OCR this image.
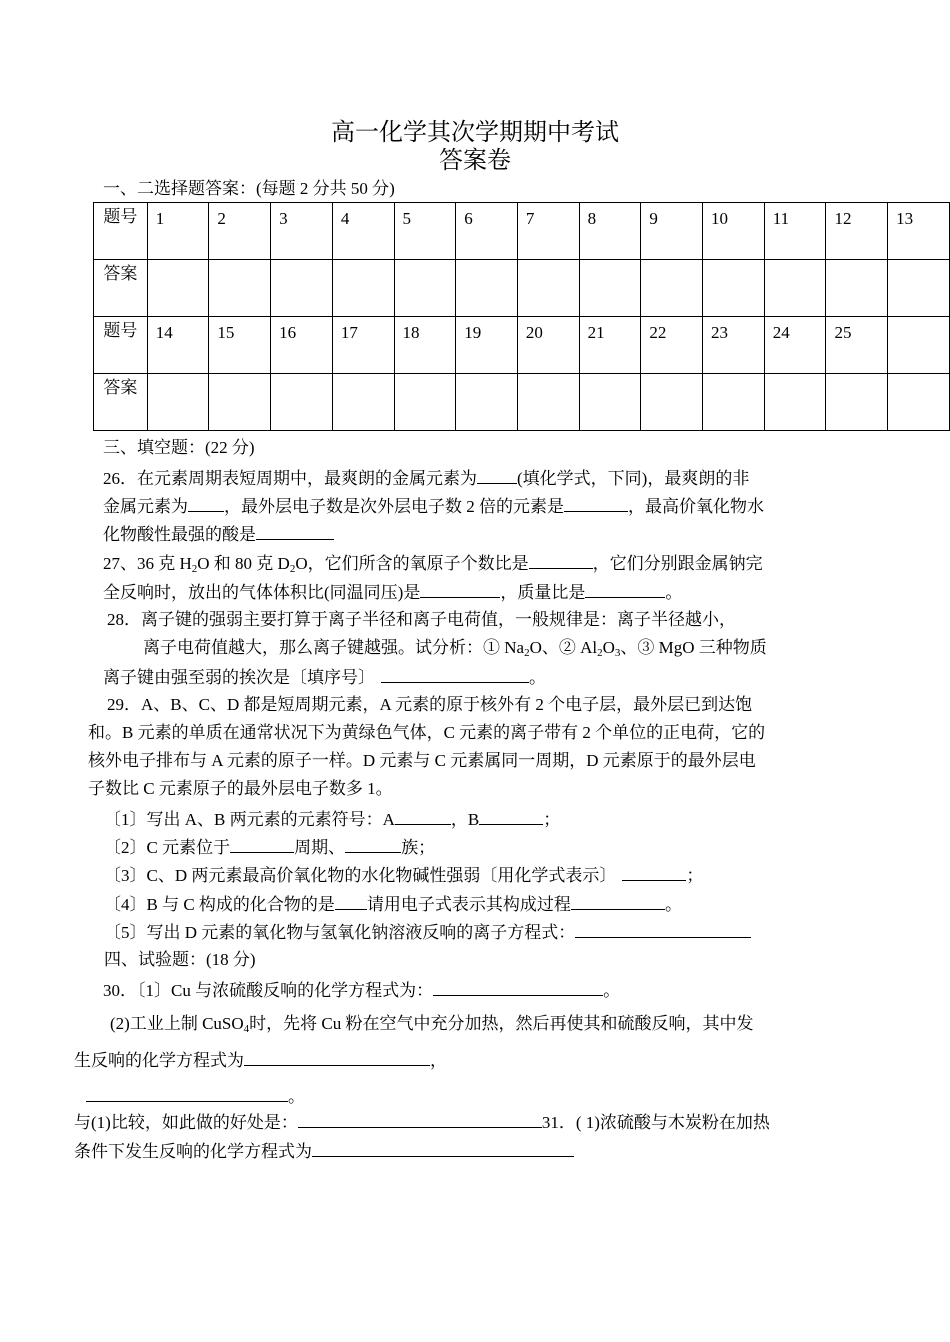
高一化学其次学期期中考试
答案卷
一、二选择题答案：(每题 2 分共 50 分)
题号	1	2	3	4	5	6	7	8	9	10	11	12	13
答案													
题号	14	15	16	17	18	19	20	21	22	23	24	25	
答案													
三、填空题：(22 分)
26．在元素周期表短周期中，最爽朗的金属元素为 (填化学式，下同)，最爽朗的非
金属元素为 ，最外层电子数是次外层电子数 2 倍的元素是	，最高价氧化物水
化物酸性最强的酸是
27、36 克 $H_2O$ 和 80 克 $D_2O$，它们所含的氧原子个数比是	，它们分别跟金属钠完
全反响时，放出的气体体积比(同温同压)是	，质量比是	。
28．离子键的强弱主要打算于离子半径和离子电荷值，一般规律是：离子半径越小，
离子电荷值越大，那么离子键越强。试分析：① $Na_2O$、② $Al_2O_3$、③ MgO 三种物质
离子键由强至弱的挨次是〔填序号〕	。
29．A、B、C、D 都是短周期元素，A 元素的原于核外有 2 个电子层，最外层已到达饱
和。B 元素的单质在通常状况下为黄绿色气体，C 元素的离子带有 2 个单位的正电荷，它的
核外电子排布与 A 元素的原子一样。D 元素与 C 元素属同一周期，D 元素原于的最外层电
子数比 C 元素原子的最外层电子数多 1。
〔1〕写出 A、B 两元素的元素符号：A	，B	；
〔2〕C 元素位于	周期、	族；
〔3〕C、D 两元素最高价氧化物的水化物碱性强弱〔用化学式表示〕	；
〔4〕B 与 C 构成的化合物的是 请用电子式表示其构成过程	。
〔5〕写出 D 元素的氧化物与氢氧化钠溶液反响的离子方程式：
四、试验题：(18 分)
30．〔1〕Cu 与浓硫酸反响的化学方程式为：	。
(2)工业上制 CuSO$_4$时，先将 Cu 粉在空气中充分加热，然后再使其和硫酸反响，其中发
生反响的化学方程式为	，
。
与(1)比较，如此做的好处是：	31．( 1)浓硫酸与木炭粉在加热
条件下发生反响的化学方程式为
